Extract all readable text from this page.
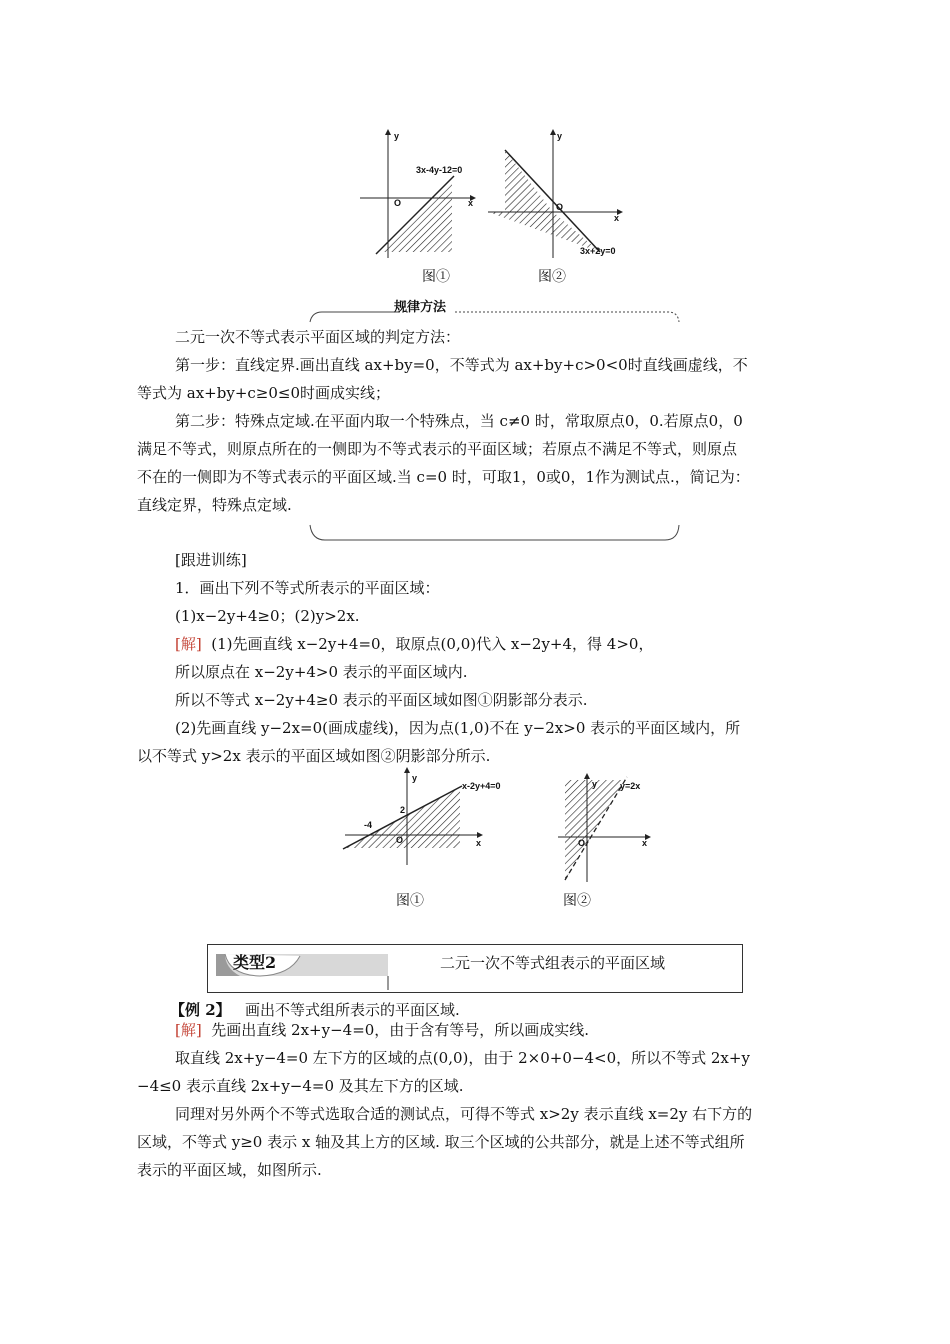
y
x
O
3x-4y-12=0
y
x
O
3x+2y=0
图①	图②
规律方法
二元一次不等式表示平面区域的判定方法：
第一步：直线定界.画出直线 ax+by=0，不等式为 ax+by+c>0<0时直线画虚线，不
等式为 ax+by+c≥0≤0时画成实线；
第二步：特殊点定域.在平面内取一个特殊点，当 c≠0 时，常取原点0，0.若原点0，0
满足不等式，则原点所在的一侧即为不等式表示的平面区域；若原点不满足不等式，则原点
不在的一侧即为不等式表示的平面区域.当 c=0 时，可取1，0或0，1作为测试点.，简记为：
直线定界，特殊点定域.
[跟进训练]
1．画出下列不等式所表示的平面区域：
(1)x−2y+4≥0；(2)y>2x.
[解] (1)先画直线 x−2y+4=0，取原点(0,0)代入 x−2y+4，得 4>0，
所以原点在 x−2y+4>0 表示的平面区域内.
所以不等式 x−2y+4≥0 表示的平面区域如图①阴影部分表示.
(2)先画直线 y−2x=0(画成虚线)，因为点(1,0)不在 y−2x>0 表示的平面区域内，所
以不等式 y>2x 表示的平面区域如图②阴影部分所示.
y
x
O
2
-4
x-2y+4=0	y
x
O
y=2x
图①	图②
类型2	二元一次不等式组表示的平面区域
【例 2】 画出不等式组所表示的平面区域.
[解] 先画出直线 2x+y−4=0，由于含有等号，所以画成实线.
取直线 2x+y−4=0 左下方的区域的点(0,0)，由于 2×0+0−4<0，所以不等式 2x+y
−4≤0 表示直线 2x+y−4=0 及其左下方的区域.
同理对另外两个不等式选取合适的测试点，可得不等式 x>2y 表示直线 x=2y 右下方的
区域，不等式 y≥0 表示 x 轴及其上方的区域. 取三个区域的公共部分，就是上述不等式组所
表示的平面区域，如图所示.
